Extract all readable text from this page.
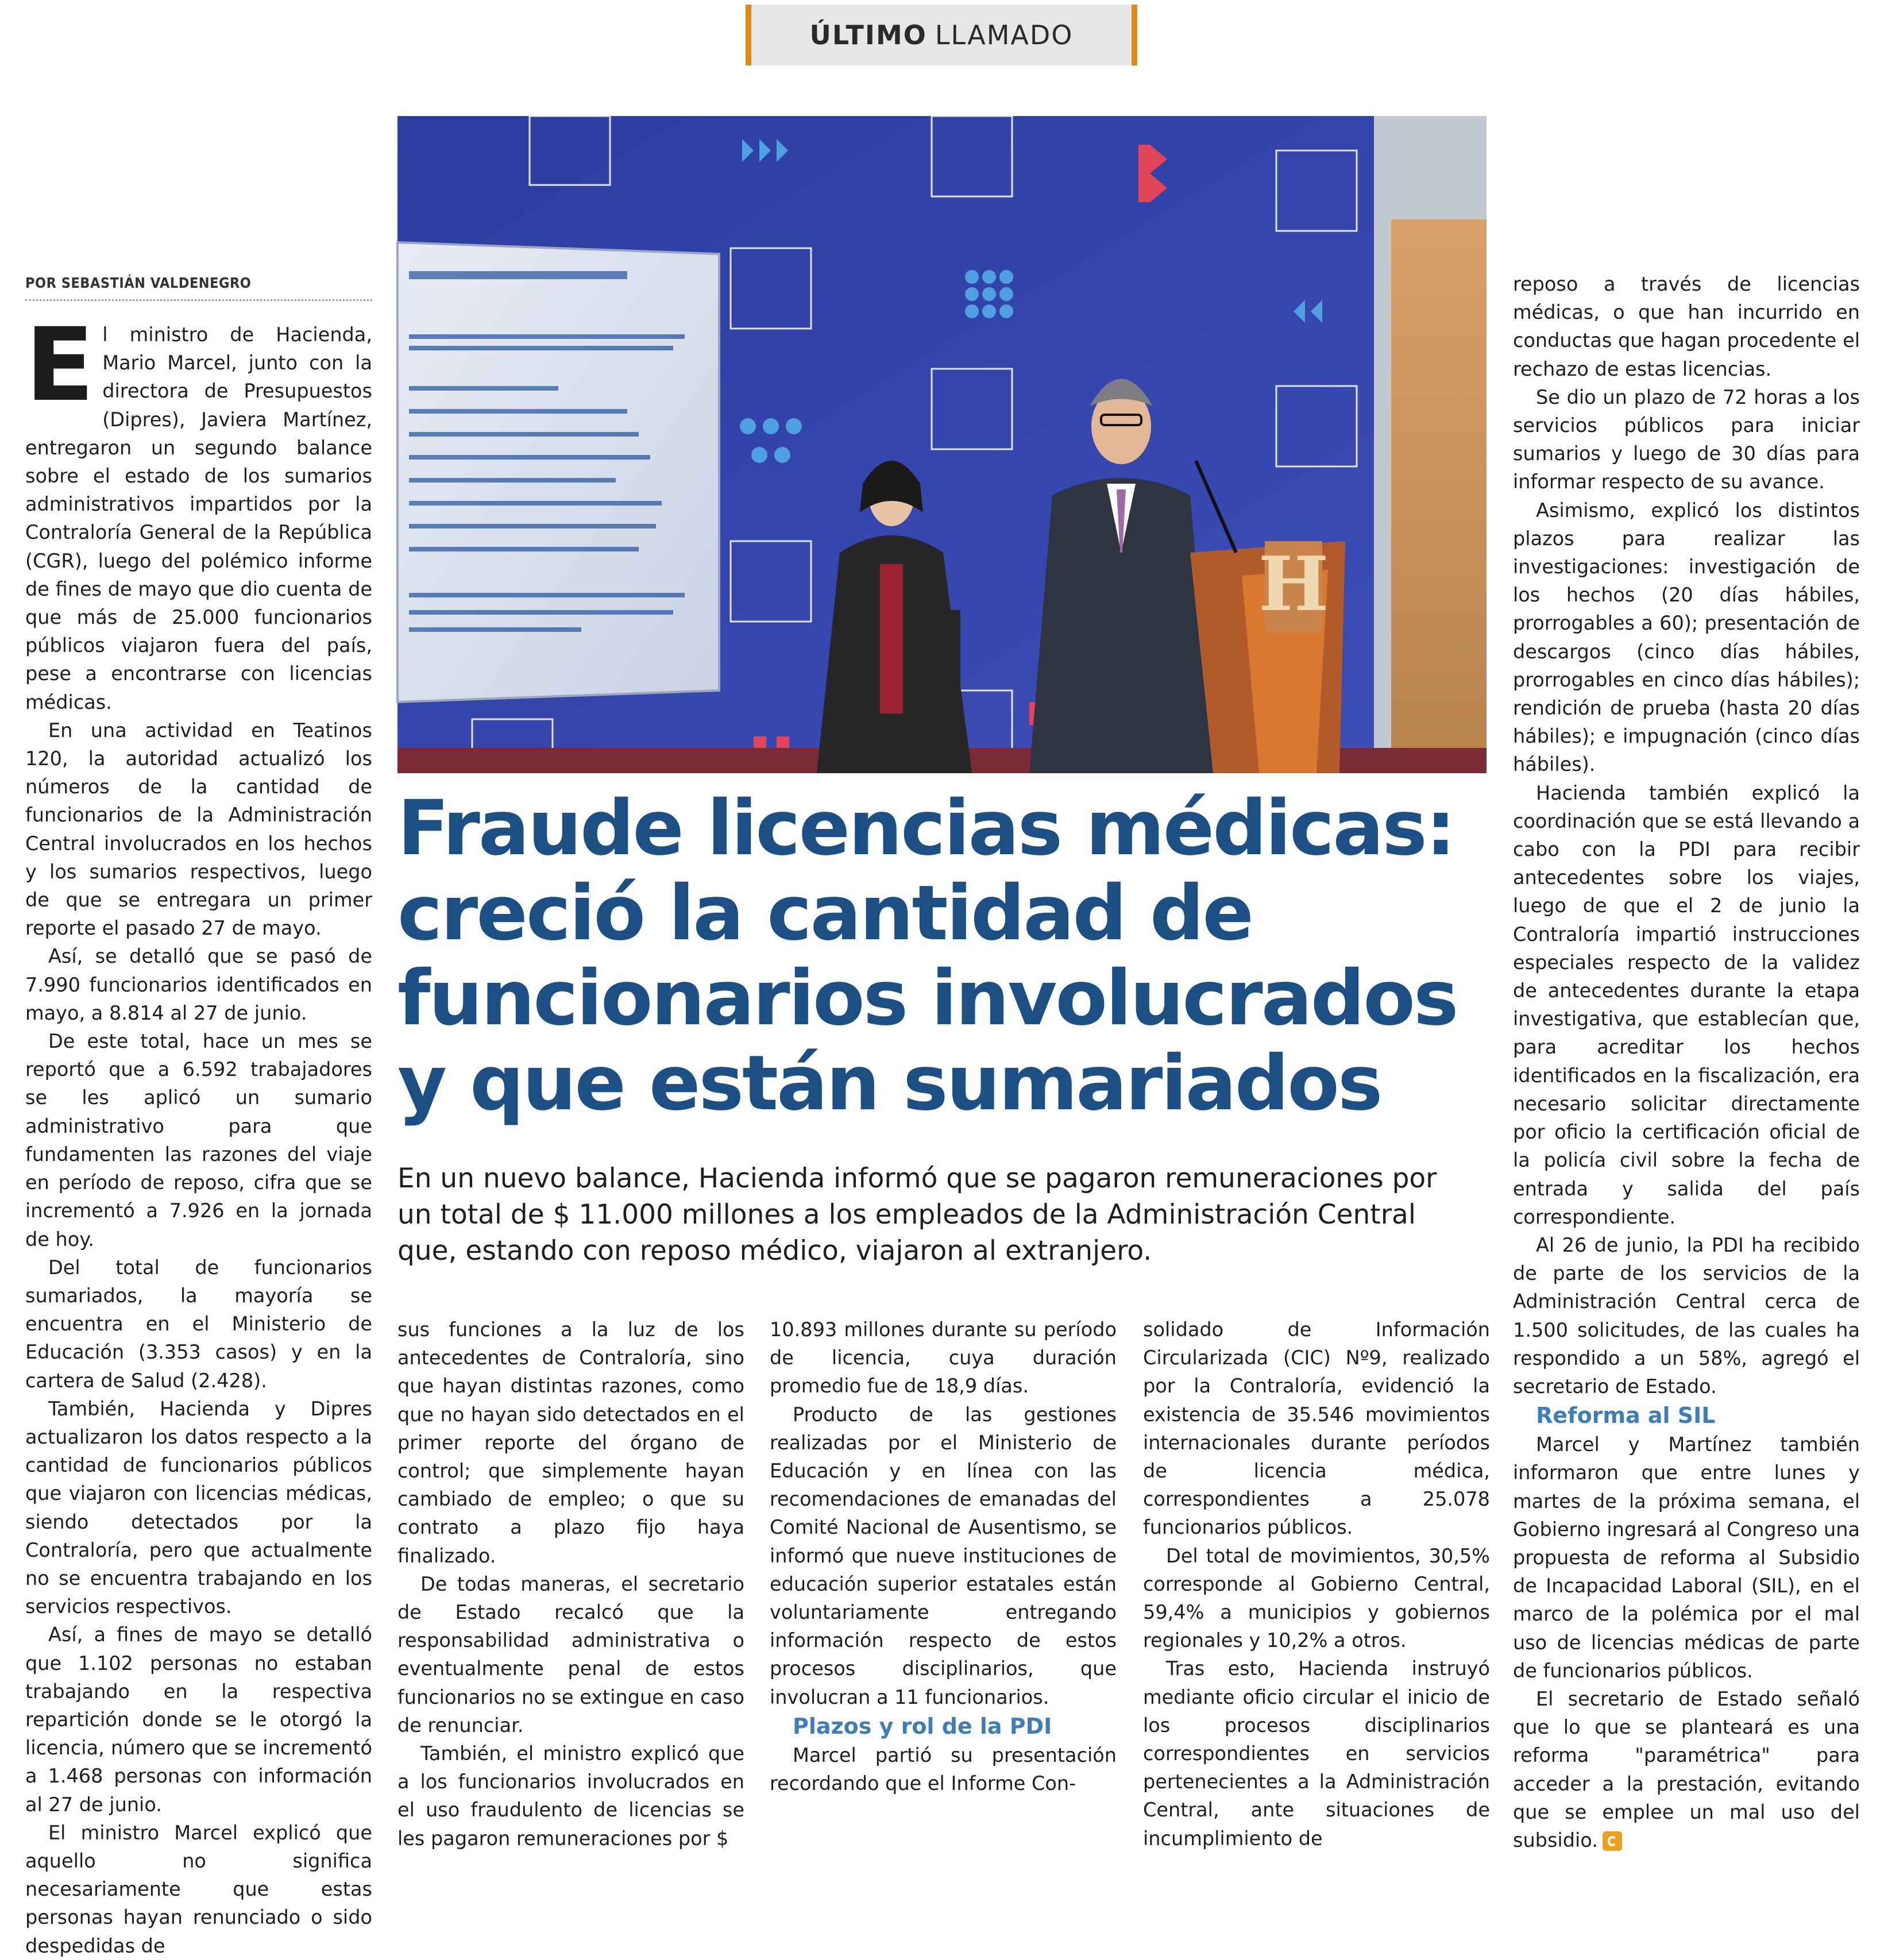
ÚLTIMO LLAMADO
POR SEBASTIÁN VALDENEGRO

El ministro de Hacienda, Mario Marcel, junto con la directora de Presupuestos (Dipres), Javiera Martínez, entregaron un segundo balance sobre el estado de los sumarios administrativos impartidos por la Contraloría General de la República (CGR), luego del polémico informe de fines de mayo que dio cuenta de que más de 25.000 funcionarios públicos viajaron fuera del país, pese a encontrarse con licencias médicas.

En una actividad en Teatinos 120, la autoridad actualizó los números de la cantidad de funcionarios de la Administración Central involucrados en los hechos y los sumarios respectivos, luego de que se entregara un primer reporte el pasado 27 de mayo.

Así, se detalló que se pasó de 7.990 funcionarios identificados en mayo, a 8.814 al 27 de junio.

De este total, hace un mes se reportó que a 6.592 trabajadores se les aplicó un sumario administrativo para que fundamenten las razones del viaje en período de reposo, cifra que se incrementó a 7.926 en la jornada de hoy.

Del total de funcionarios sumariados, la mayoría se encuentra en el Ministerio de Educación (3.353 casos) y en la cartera de Salud (2.428).

También, Hacienda y Dipres actualizaron los datos respecto a la cantidad de funcionarios públicos que viajaron con licencias médicas, siendo detectados por la Contraloría, pero que actualmente no se encuentra trabajando en los servicios respectivos.

Así, a fines de mayo se detalló que 1.102 personas no estaban trabajando en la respectiva repartición donde se le otorgó la licencia, número que se incrementó a 1.468 personas con información al 27 de junio.

El ministro Marcel explicó que aquello no significa necesariamente que estas personas hayan renunciado o sido despedidas de

H	MINISTERIO DE HACIENDA
Fraude licencias médicas: creció la cantidad de funcionarios involucrados y que están sumariados

En un nuevo balance, Hacienda informó que se pagaron remuneraciones por un total de $ 11.000 millones a los empleados de la Administración Central que, estando con reposo médico, viajaron al extranjero.

sus funciones a la luz de los antecedentes de Contraloría, sino que hayan distintas razones, como que no hayan sido detectados en el primer reporte del órgano de control; que simplemente hayan cambiado de empleo; o que su contrato a plazo fijo haya finalizado.

De todas maneras, el secretario de Estado recalcó que la responsabilidad administrativa o eventualmente penal de estos funcionarios no se extingue en caso de renunciar.

También, el ministro explicó que a los funcionarios involucrados en el uso fraudulento de licencias se les pagaron remuneraciones por $

10.893 millones durante su período de licencia, cuya duración promedio fue de 18,9 días.

Producto de las gestiones realizadas por el Ministerio de Educación y en línea con las recomendaciones de emanadas del Comité Nacional de Ausentismo, se informó que nueve instituciones de educación superior estatales están voluntariamente entregando información respecto de estos procesos disciplinarios, que involucran a 11 funcionarios.

Plazos y rol de la PDI

Marcel partió su presentación recordando que el Informe Con-

solidado de Información Circularizada (CIC) Nº9, realizado por la Contraloría, evidenció la existencia de 35.546 movimientos internacionales durante períodos de licencia médica, correspondientes a 25.078 funcionarios públicos.

Del total de movimientos, 30,5% corresponde al Gobierno Central, 59,4% a municipios y gobiernos regionales y 10,2% a otros.

Tras esto, Hacienda instruyó mediante oficio circular el inicio de los procesos disciplinarios correspondientes en servicios pertenecientes a la Administración Central, ante situaciones de incumplimiento de

reposo a través de licencias médicas, o que han incurrido en conductas que hagan procedente el rechazo de estas licencias.

Se dio un plazo de 72 horas a los servicios públicos para iniciar sumarios y luego de 30 días para informar respecto de su avance.

Asimismo, explicó los distintos plazos para realizar las investigaciones: investigación de los hechos (20 días hábiles, prorrogables a 60); presentación de descargos (cinco días hábiles, prorrogables en cinco días hábiles); rendición de prueba (hasta 20 días hábiles); e impugnación (cinco días hábiles).

Hacienda también explicó la coordinación que se está llevando a cabo con la PDI para recibir antecedentes sobre los viajes, luego de que el 2 de junio la Contraloría impartió instrucciones especiales respecto de la validez de antecedentes durante la etapa investigativa, que establecían que, para acreditar los hechos identificados en la fiscalización, era necesario solicitar directamente por oficio la certificación oficial de la policía civil sobre la fecha de entrada y salida del país correspondiente.

Al 26 de junio, la PDI ha recibido de parte de los servicios de la Administración Central cerca de 1.500 solicitudes, de las cuales ha respondido a un 58%, agregó el secretario de Estado.

Reforma al SIL

Marcel y Martínez también informaron que entre lunes y martes de la próxima semana, el Gobierno ingresará al Congreso una propuesta de reforma al Subsidio de Incapacidad Laboral (SIL), en el marco de la polémica por el mal uso de licencias médicas de parte de funcionarios públicos.

El secretario de Estado señaló que lo que se planteará es una reforma "paramétrica" para acceder a la prestación, evitando que se emplee un mal uso del subsidio.
